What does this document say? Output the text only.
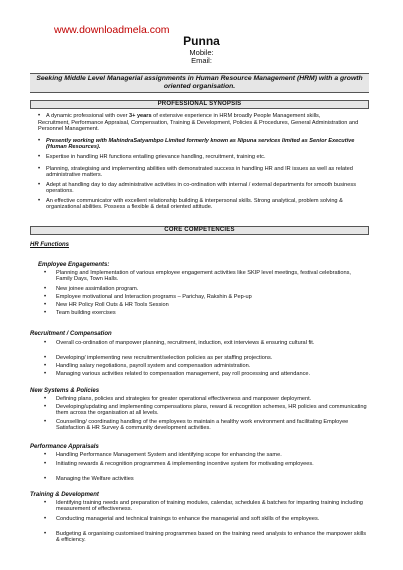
www.downloadmela.com
Punna
Mobile:
Email:
Seeking Middle Level Managerial assignments in Human Resource Management (HRM) with a growth oriented organisation.
PROFESSIONAL SYNOPSIS
• A dynamic professional with over 3+ years of extensive experience in HRM broadly People Management skills,
Recruitment, Performance Appraisal, Compensation, Training & Development, Policies & Procedures, General Administration and Personnel Management.
• Presently working with MahindraSatyambpo Limited formerly known as Nipuna services limited as Senior Executive (Human Resources).
• Expertise in handling HR functions entailing grievance handling, recruitment, training etc.
• Planning, strategising and implementing abilities with demonstrated success in handling HR and IR issues as well as related administrative matters.
• Adept at handling day to day administrative activities in co-ordination with internal / external departments for smooth business operations.
• An effective communicator with excellent relationship building & interpersonal skills. Strong analytical, problem solving & organizational abilities. Possess a flexible & detail oriented attitude.
CORE COMPETENCIES
HR Functions
Employee Engagements:
• Planning and Implementation of various employee engagement activities like SKIP level meetings, festival celebrations, Family Days, Town Halls.
• New joinee assimilation program.
• Employee motivational and Interaction programs – Parichay, Rakshin & Pep-up
• New HR Policy Roll Outs & HR Tools Session
• Team building exercises
Recruitment / Compensation
• Overall co-ordination of manpower planning, recruitment, induction, exit interviews & ensuring cultural fit.
• Developing/ implementing new recruitment/selection policies as per staffing projections.
• Handling salary negotiations, payroll system and compensation administration.
• Managing various activities related to compensation management, pay roll processing and attendance.
New Systems & Policies
• Defining plans, policies and strategies for greater operational effectiveness and manpower deployment.
• Developing/updating and implementing compensations plans, reward & recognition schemes, HR policies and communicating them across the organisation at all levels.
• Counselling/ coordinating handling of the employees to maintain a healthy work environment and facilitating Employee Satisfaction & HR Survey & community development activities.
Performance Appraisals
• Handling Performance Management System and identifying scope for enhancing the same.
• Initiating rewards & recognition programmes & implementing incentive system for motivating employees.
• Managing the Welfare activities
Training & Development
• Identifying training needs and preparation of training modules, calendar, schedules & batches for imparting training including measurement of effectiveness.
• Conducting managerial and technical trainings to enhance the managerial and soft skills of the employees.
• Budgeting & organising customised training programmes based on the training need analysis to enhance the manpower skills & efficiency.
